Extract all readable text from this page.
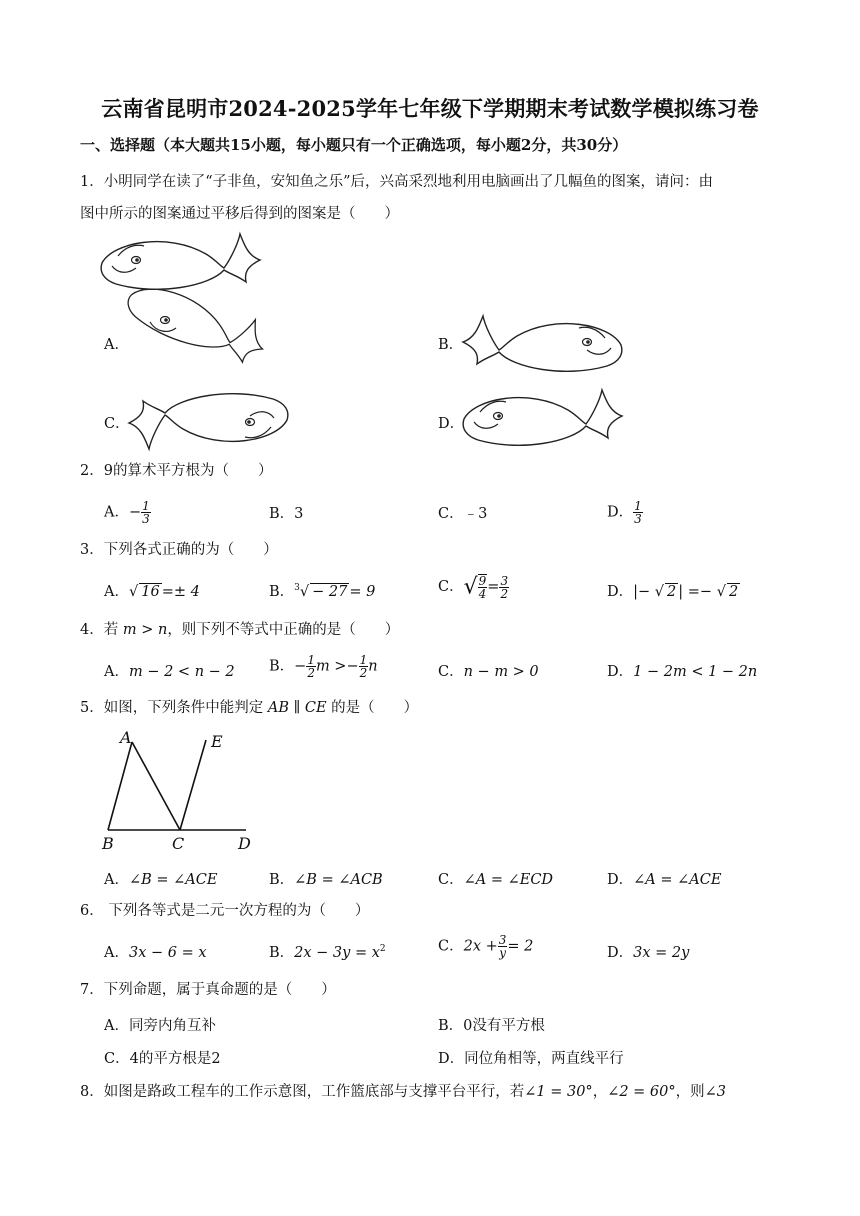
云南省昆明市2024-2025学年七年级下学期期末考试数学模拟练习卷
一、选择题（本大题共15小题，每小题只有一个正确选项，每小题2分，共30分）
1．小明同学在读了“子非鱼，安知鱼之乐”后，兴高采烈地利用电脑画出了几幅鱼的图案，请问：由
图中所示的图案通过平移后得到的图案是（　　）
A．	B．
C．	D．
2．9的算术平方根为（　　）
A．− $\frac{1}{3}$	B．3	C．﹣3	D． $\frac{1}{3}$
3．下列各式正确的为（　　）
A．√ 16 =± 4	B．$^3$√ − 27 = 9	C．√ $\frac{9}{4} = \frac{3}{2}$	D．|− √ 2 | =− √ 2
4．若 m > n，则下列不等式中正确的是（　　）
A．m − 2 < n − 2 B．− $\frac{1}{2}$ $m >- \frac{1}{2}$ n	C．n − m > 0	D．1 − 2m < 1 − 2n
5．如图，下列条件中能判定 AB ∥ CE 的是（　　）
A	E
B	C	D
A．∠B = ∠ACE	B．∠B = ∠ACB	C．∠A = ∠ECD	D．∠A = ∠ACE
6． 下列各等式是二元一次方程的为（　　）
A．3x − 6 = x	B．$2x - 3y = x^2$	C．$2x + \frac{3}{y} = 2$	D．3x = 2y
7．下列命题，属于真命题的是（　　）
A．同旁内角互补	B．0没有平方根
C．4的平方根是2	D．同位角相等，两直线平行
8．如图是路政工程车的工作示意图，工作篮底部与支撑平台平行，若∠1 = 30°，∠2 = 60°，则∠3
